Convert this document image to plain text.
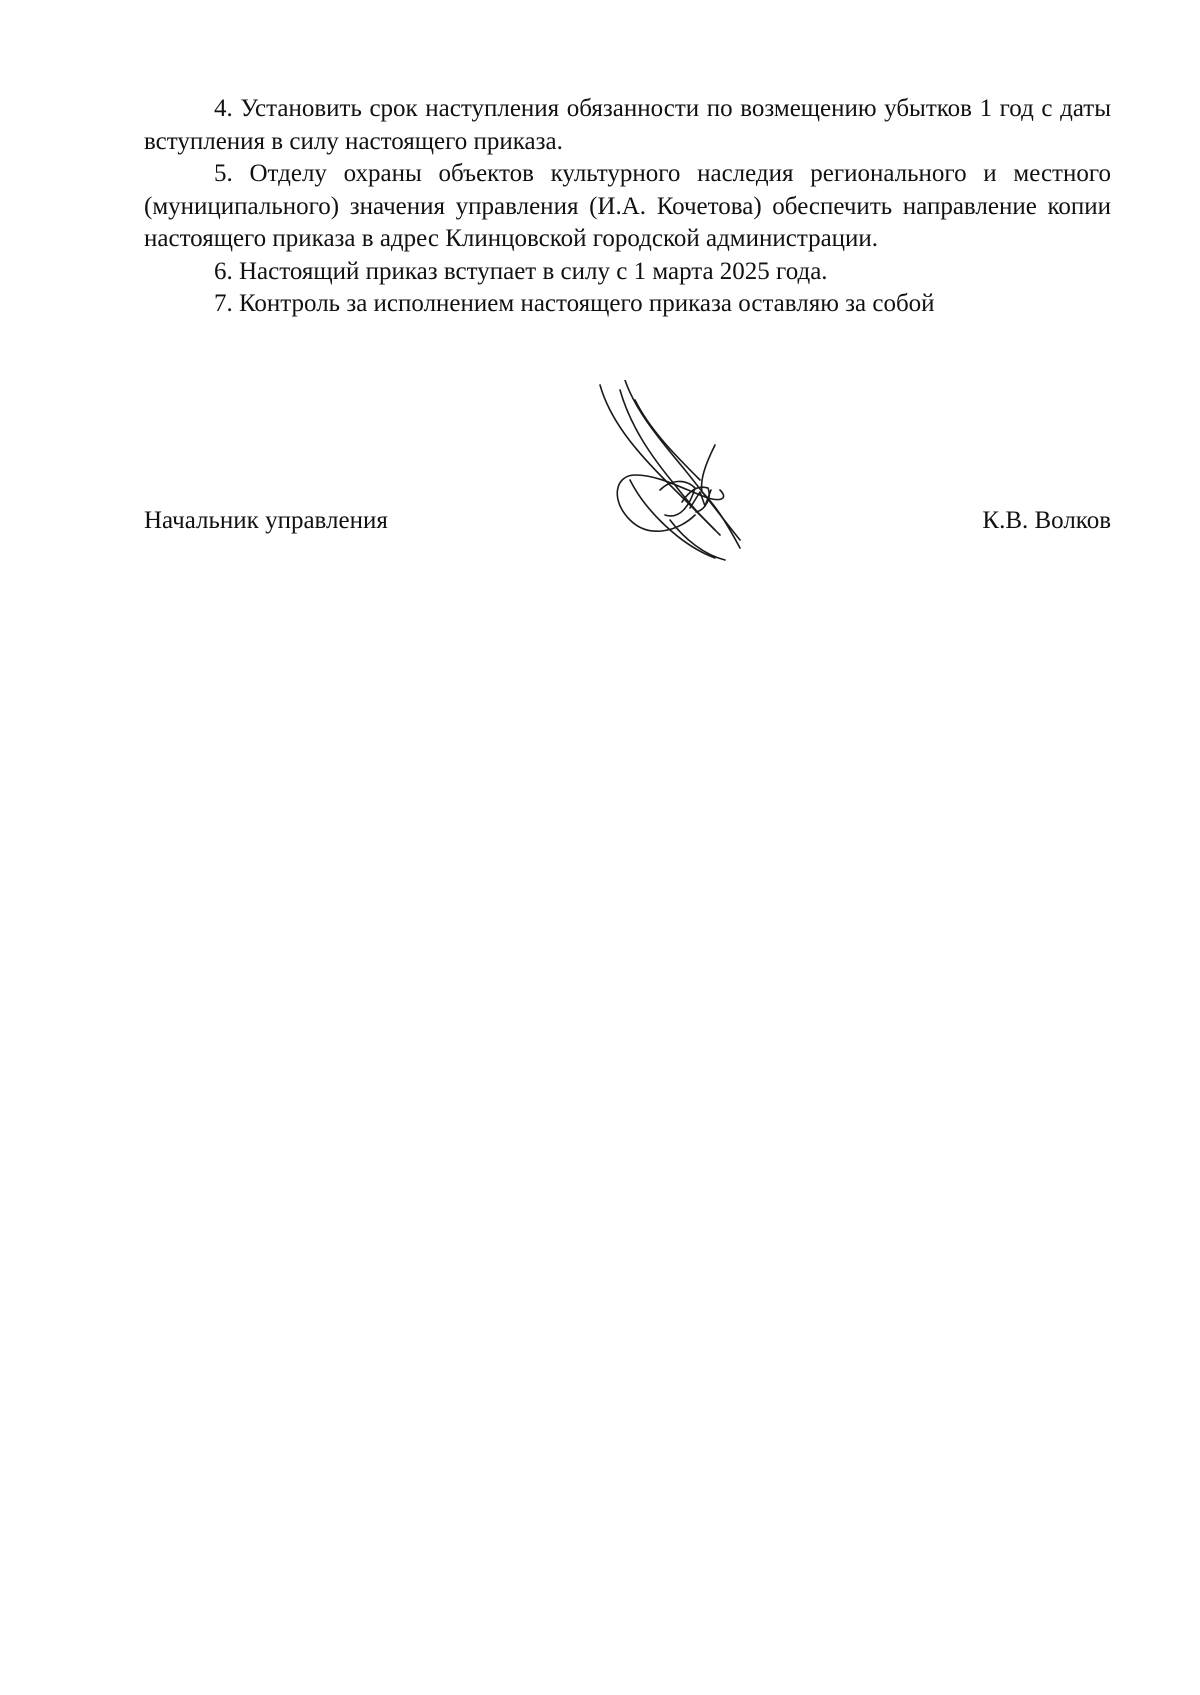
4. Установить срок наступления обязанности по возмещению убытков 1 год с даты вступления в силу настоящего приказа.

5. Отделу охраны объектов культурного наследия регионального и местного (муниципального) значения управления (И.А. Кочетова) обеспечить направление копии настоящего приказа в адрес Клинцовской городской администрации.

6. Настоящий приказ вступает в силу с 1 марта 2025 года.

7. Контроль за исполнением настоящего приказа оставляю за собой

Начальник управления	К.В. Волков
